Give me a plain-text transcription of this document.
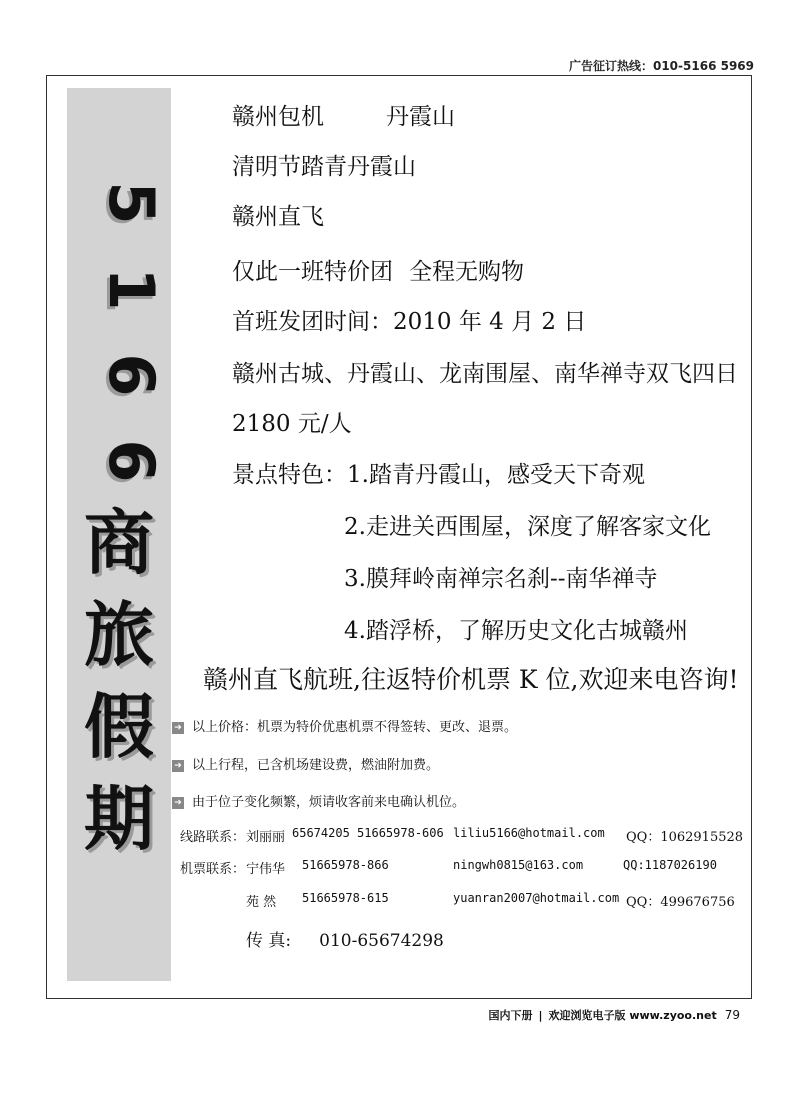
广告征订热线：010-5166 5969
5
1
6
6
商
旅
假
期
赣州包机	丹霞山
清明节踏青丹霞山
赣州直飞
仅此一班特价团 全程无购物
首班发团时间：2010 年 4 月 2 日
赣州古城、丹霞山、龙南围屋、南华禅寺双飞四日
2180 元/人
景点特色：1.踏青丹霞山，感受天下奇观
2.走进关西围屋，深度了解客家文化
3.膜拜岭南禅宗名刹--南华禅寺
4.踏浮桥，了解历史文化古城赣州
赣州直飞航班,往返特价机票 K 位,欢迎来电咨询!
➔ 以上价格：机票为特价优惠机票不得签转、更改、退票。
➔ 以上行程，已含机场建设费，燃油附加费。
➔ 由于位子变化频繁，烦请收客前来电确认机位。
线路联系： 刘丽丽 65674205 51665978-606 liliu5166@hotmail.com QQ：1062915528
机票联系： 宁伟华 51665978-866	ningwh0815@163.com	QQ:1187026190
苑 然 51665978-615	yuanran2007@hotmail.com QQ：499676756
传 真: 010-65674298
国内下册 | 欢迎浏览电子版 www.zyoo.net 79
